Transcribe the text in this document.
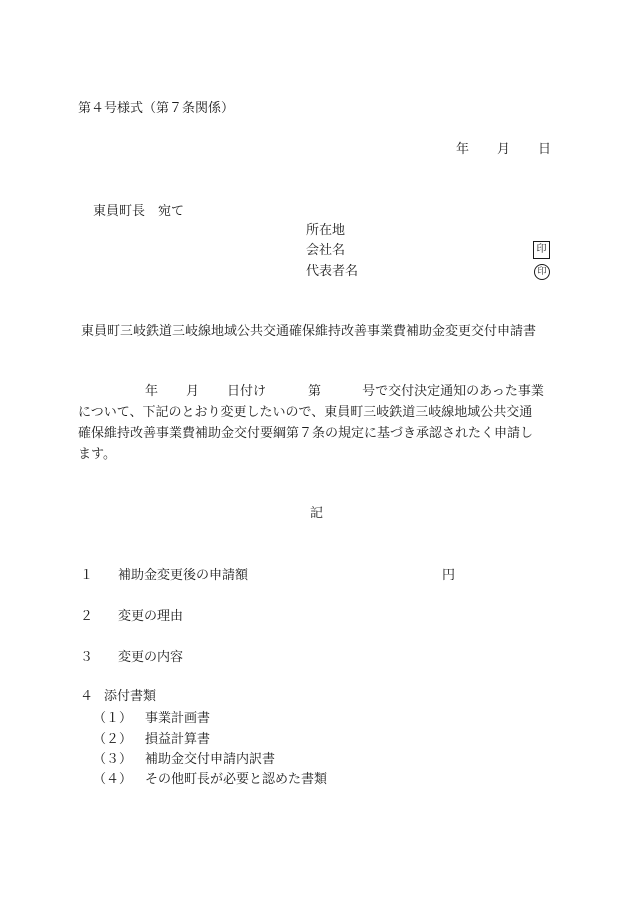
第４号様式（第７条関係）
年 月 日
東員町長　宛て
所在地
会社名
代表者名
印
印
東員町三岐鉄道三岐線地域公共交通確保維持改善事業費補助金変更交付申請書
年 月 日付け	第	号で交付決定通知のあった事業
について、下記のとおり変更したいので、東員町三岐鉄道三岐線地域公共交通
確保維持改善事業費補助金交付要綱第７条の規定に基づき承認されたく申請し
ます。
記
１ 補助金変更後の申請額	円
２ 変更の理由
３ 変更の内容
４ 添付書類
（１） 事業計画書
（２） 損益計算書
（３） 補助金交付申請内訳書
（４） その他町長が必要と認めた書類
